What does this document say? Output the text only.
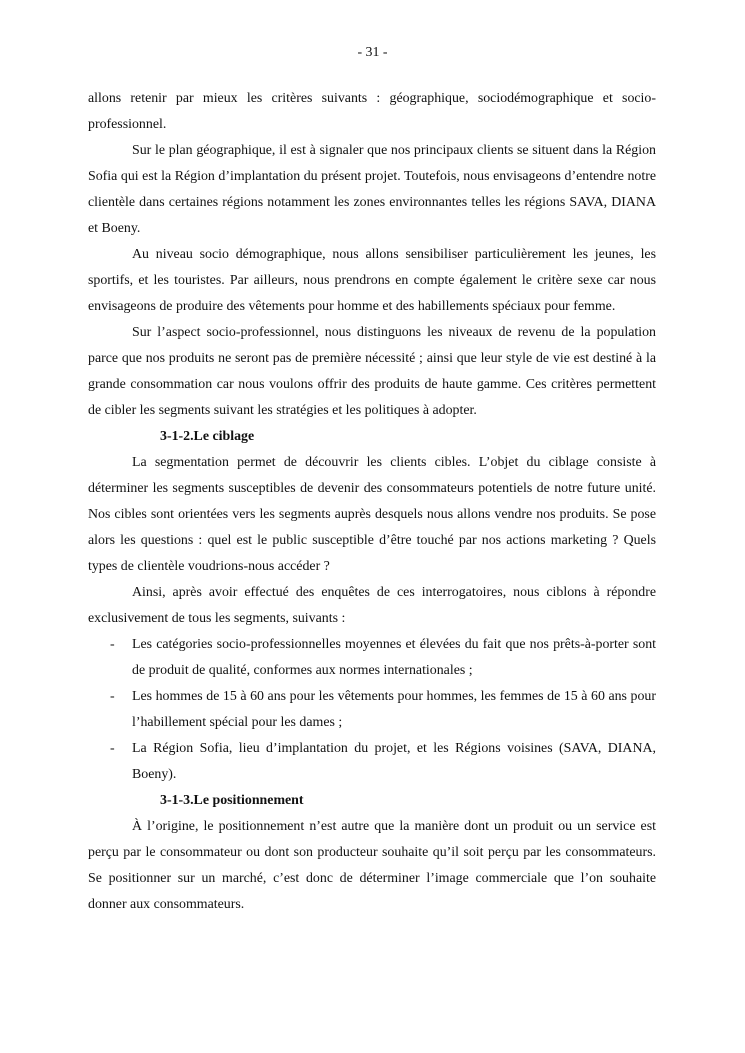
- 31 -

allons retenir par mieux les critères suivants : géographique, sociodémographique et socio-professionnel.

Sur le plan géographique, il est à signaler que nos principaux clients se situent dans la Région Sofia qui est la Région d’implantation du présent projet. Toutefois, nous envisageons d’entendre notre clientèle dans certaines régions notamment les zones environnantes telles les régions SAVA, DIANA et Boeny.

Au niveau socio démographique, nous allons sensibiliser particulièrement les jeunes, les sportifs, et les touristes. Par ailleurs, nous prendrons en compte également le critère sexe car nous envisageons de produire des vêtements pour homme et des habillements spéciaux pour femme.

Sur l’aspect socio-professionnel, nous distinguons les niveaux de revenu de la population parce que nos produits ne seront pas de première nécessité ; ainsi que leur style de vie est destiné à la grande consommation car nous voulons offrir des produits de haute gamme. Ces critères permettent de cibler les segments suivant les stratégies et les politiques à adopter.

3-1-2.Le ciblage

La segmentation permet de découvrir les clients cibles. L’objet du ciblage consiste à déterminer les segments susceptibles de devenir des consommateurs potentiels de notre future unité. Nos cibles sont orientées vers les segments auprès desquels nous allons vendre nos produits. Se pose alors les questions : quel est le public susceptible d’être touché par nos actions marketing ? Quels types de clientèle voudrions-nous accéder ?

Ainsi, après avoir effectué des enquêtes de ces interrogatoires, nous ciblons à répondre exclusivement de tous les segments, suivants :

- Les catégories socio-professionnelles moyennes et élevées du fait que nos prêts-à-porter sont de produit de qualité, conformes aux normes internationales ;
- Les hommes de 15 à 60 ans pour les vêtements pour hommes, les femmes de 15 à 60 ans pour l’habillement spécial pour les dames ;
- La Région Sofia, lieu d’implantation du projet, et les Régions voisines (SAVA, DIANA, Boeny).
3-1-3.Le positionnement

À l’origine, le positionnement n’est autre que la manière dont un produit ou un service est perçu par le consommateur ou dont son producteur souhaite qu’il soit perçu par les consommateurs. Se positionner sur un marché, c’est donc de déterminer l’image commerciale que l’on souhaite donner aux consommateurs.
